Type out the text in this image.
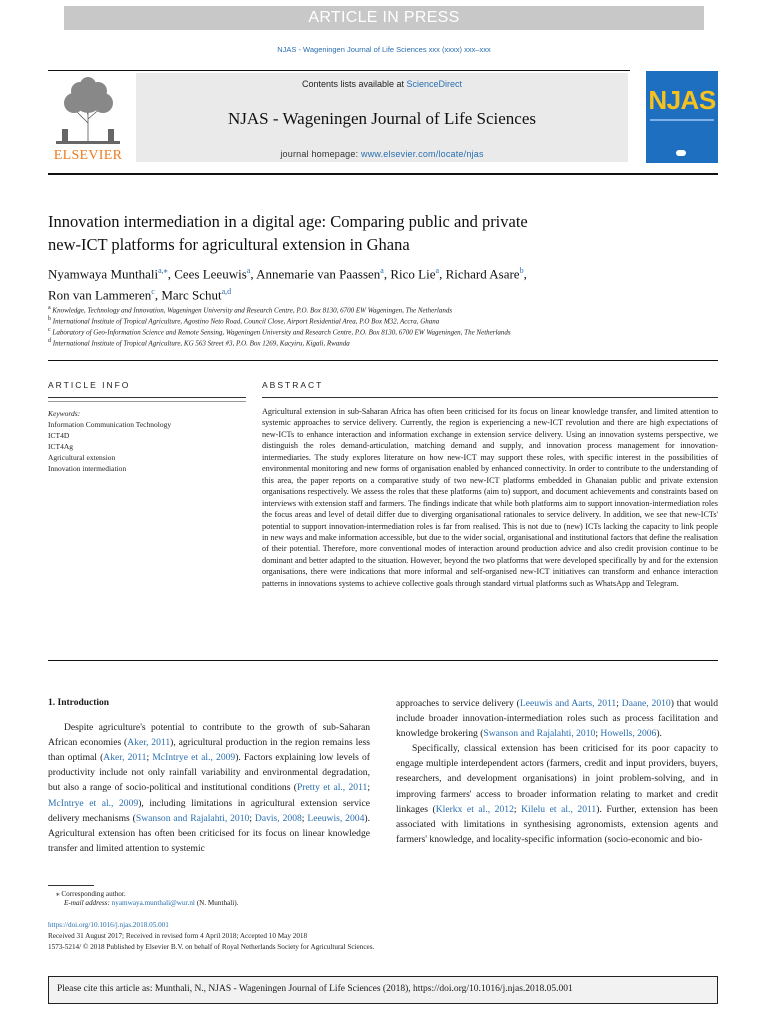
ARTICLE IN PRESS
NJAS - Wageningen Journal of Life Sciences xxx (xxxx) xxx–xxx
ELSEVIER
Contents lists available at ScienceDirect
NJAS - Wageningen Journal of Life Sciences
journal homepage: www.elsevier.com/locate/njas
NJAS
Innovation intermediation in a digital age: Comparing public and private
new-ICT platforms for agricultural extension in Ghana
Nyamwaya Munthali$^{a,⁎}$, Cees Leeuwis$^a$, Annemarie van Paassen$^a$, Rico Lie$^a$, Richard Asare$^b$,
Ron van Lammeren$^c$, Marc Schut$^{a,d}$
$^a$ Knowledge, Technology and Innovation, Wageningen University and Research Centre, P.O. Box 8130, 6700 EW Wageningen, The Netherlands
$^b$ International Institute of Tropical Agriculture, Agostino Neto Road, Council Close, Airport Residential Area, P.O Box M32, Accra, Ghana
$^c$ Laboratory of Geo-Information Science and Remote Sensing, Wageningen University and Research Centre, P.O. Box 8130, 6700 EW Wageningen, The Netherlands
$^d$ International Institute of Tropical Agriculture, KG 563 Street #3, P.O. Box 1269, Kacyiru, Kigali, Rwanda
ARTICLE INFO	ABSTRACT
Keywords:
Information Communication Technology
ICT4D
ICT4Ag
Agricultural extension
Innovation intermediation
Agricultural extension in sub-Saharan Africa has often been criticised for its focus on linear knowledge transfer, and limited attention to systemic approaches to service delivery. Currently, the region is experiencing a new-ICT revolution and there are high expectations of new-ICTs to enhance interaction and information exchange in extension service delivery. Using an innovation systems perspective, we distinguish the roles demand-articulation, matching demand and supply, and innovation process management for innovation-intermediaries. The study explores literature on how new-ICT may support these roles, with specific interest in the possibilities of environmental monitoring and new forms of organisation enabled by enhanced connectivity. In order to contribute to the understanding of this area, the paper reports on a comparative study of two new-ICT platforms embedded in Ghanaian public and private extension organisations respectively. We assess the roles that these platforms (aim to) support, and document achievements and constraints based on interviews with extension staff and farmers. The findings indicate that while both platforms aim to support innovation-intermediation roles the focus areas and level of detail differ due to diverging organisational rationales to service delivery. In addition, we see that new-ICTs' potential to support innovation-intermediation roles is far from realised. This is not due to (new) ICTs lacking the capacity to link people in new ways and make information accessible, but due to the wider social, organisational and institutional factors that define the realisation of their potential. Therefore, more conventional modes of interaction around production advice and also credit provision continue to be dominant and better adapted to the situation. However, beyond the two platforms that were developed specifically by and for the extension organisations, there were indications that more informal and self-organised new-ICT initiatives can transform and enhance interaction patterns in innovations systems to achieve collective goals through standard virtual platforms such as WhatsApp and Telegram.
1. Introduction

Despite agriculture's potential to contribute to the growth of sub-Saharan African economies (Aker, 2011), agricultural production in the region remains less than optimal (Aker, 2011; McIntrye et al., 2009). Factors explaining low levels of productivity include not only rainfall variability and environmental degradation, but also a range of socio-political and institutional conditions (Pretty et al., 2011; McIntrye et al., 2009), including limitations in agricultural extension service delivery mechanisms (Swanson and Rajalahti, 2010; Davis, 2008; Leeuwis, 2004). Agricultural extension has often been criticised for its focus on linear knowledge transfer and limited attention to systemic

approaches to service delivery (Leeuwis and Aarts, 2011; Daane, 2010) that would include broader innovation-intermediation roles such as process facilitation and knowledge brokering (Swanson and Rajalahti, 2010; Howells, 2006).

Specifically, classical extension has been criticised for its poor capacity to engage multiple interdependent actors (farmers, credit and input providers, buyers, researchers, and development organisations) in joint problem-solving, and in improving farmers' access to broader information relating to market and credit linkages (Klerkx et al., 2012; Kilelu et al., 2011). Further, extension has been associated with limitations in synthesising agronomists, extension agents and farmers' knowledge, and locality-specific information (socio-economic and bio-

⁎ Corresponding author.
E-mail address: nyamwaya.munthali@wur.nl (N. Munthali).
https://doi.org/10.1016/j.njas.2018.05.001
Received 31 August 2017; Received in revised form 4 April 2018; Accepted 10 May 2018
1573-5214/ © 2018 Published by Elsevier B.V. on behalf of Royal Netherlands Society for Agricultural Sciences.
Please cite this article as: Munthali, N., NJAS - Wageningen Journal of Life Sciences (2018), https://doi.org/10.1016/j.njas.2018.05.001
